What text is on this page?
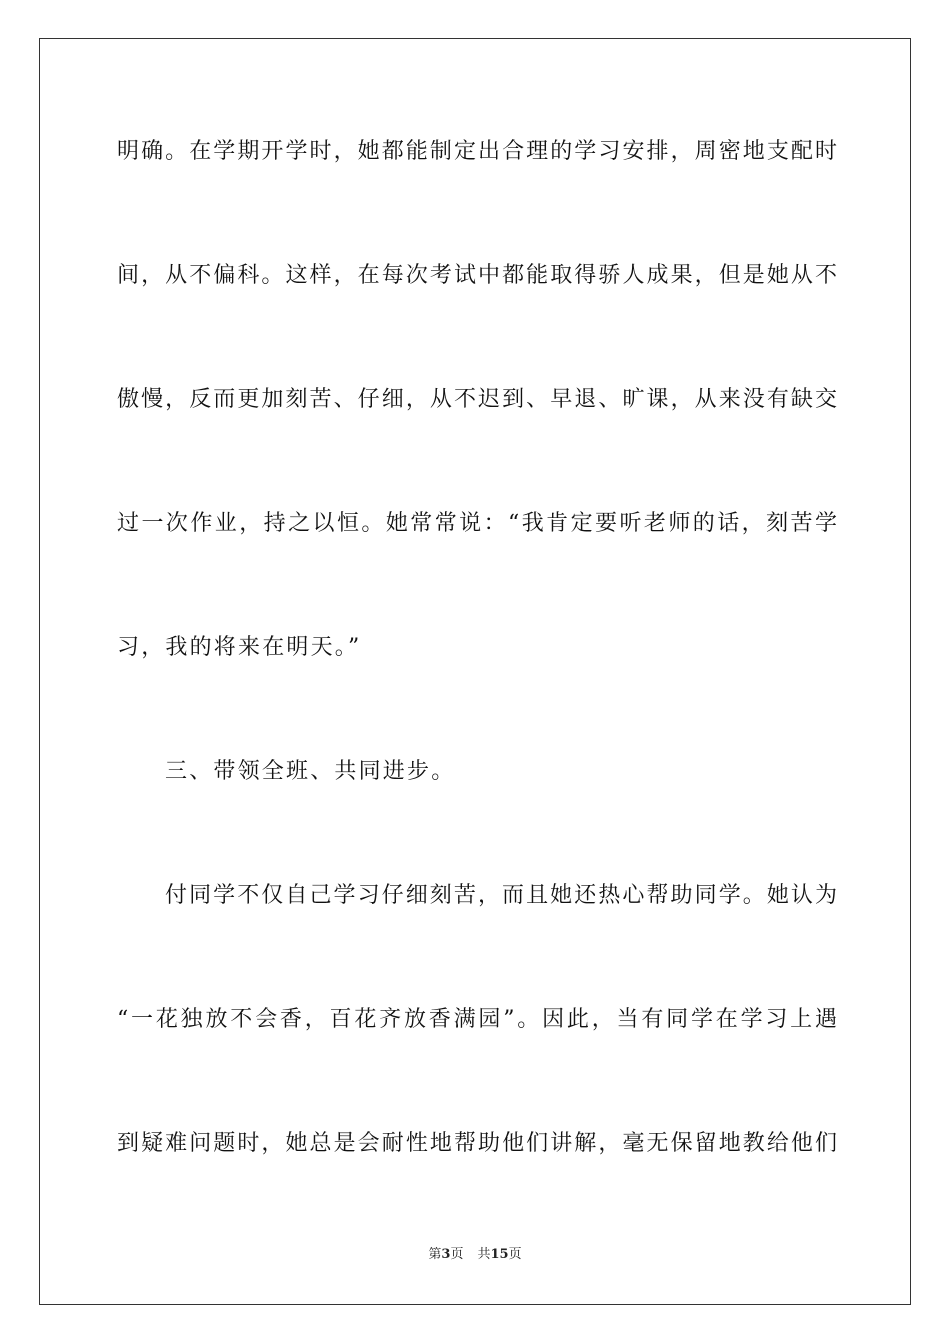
明确。在学期开学时，她都能制定出合理的学习安排，周密地支配时
间，从不偏科。这样，在每次考试中都能取得骄人成果，但是她从不
傲慢，反而更加刻苦、仔细，从不迟到、早退、旷课，从来没有缺交
过一次作业，持之以恒。她常常说：“我肯定要听老师的话，刻苦学
习，我的将来在明天。”
三、带领全班、共同进步。
付同学不仅自己学习仔细刻苦，而且她还热心帮助同学。她认为
“一花独放不会香，百花齐放香满园”。因此，当有同学在学习上遇
到疑难问题时，她总是会耐性地帮助他们讲解，毫无保留地教给他们
第3页 共15页
